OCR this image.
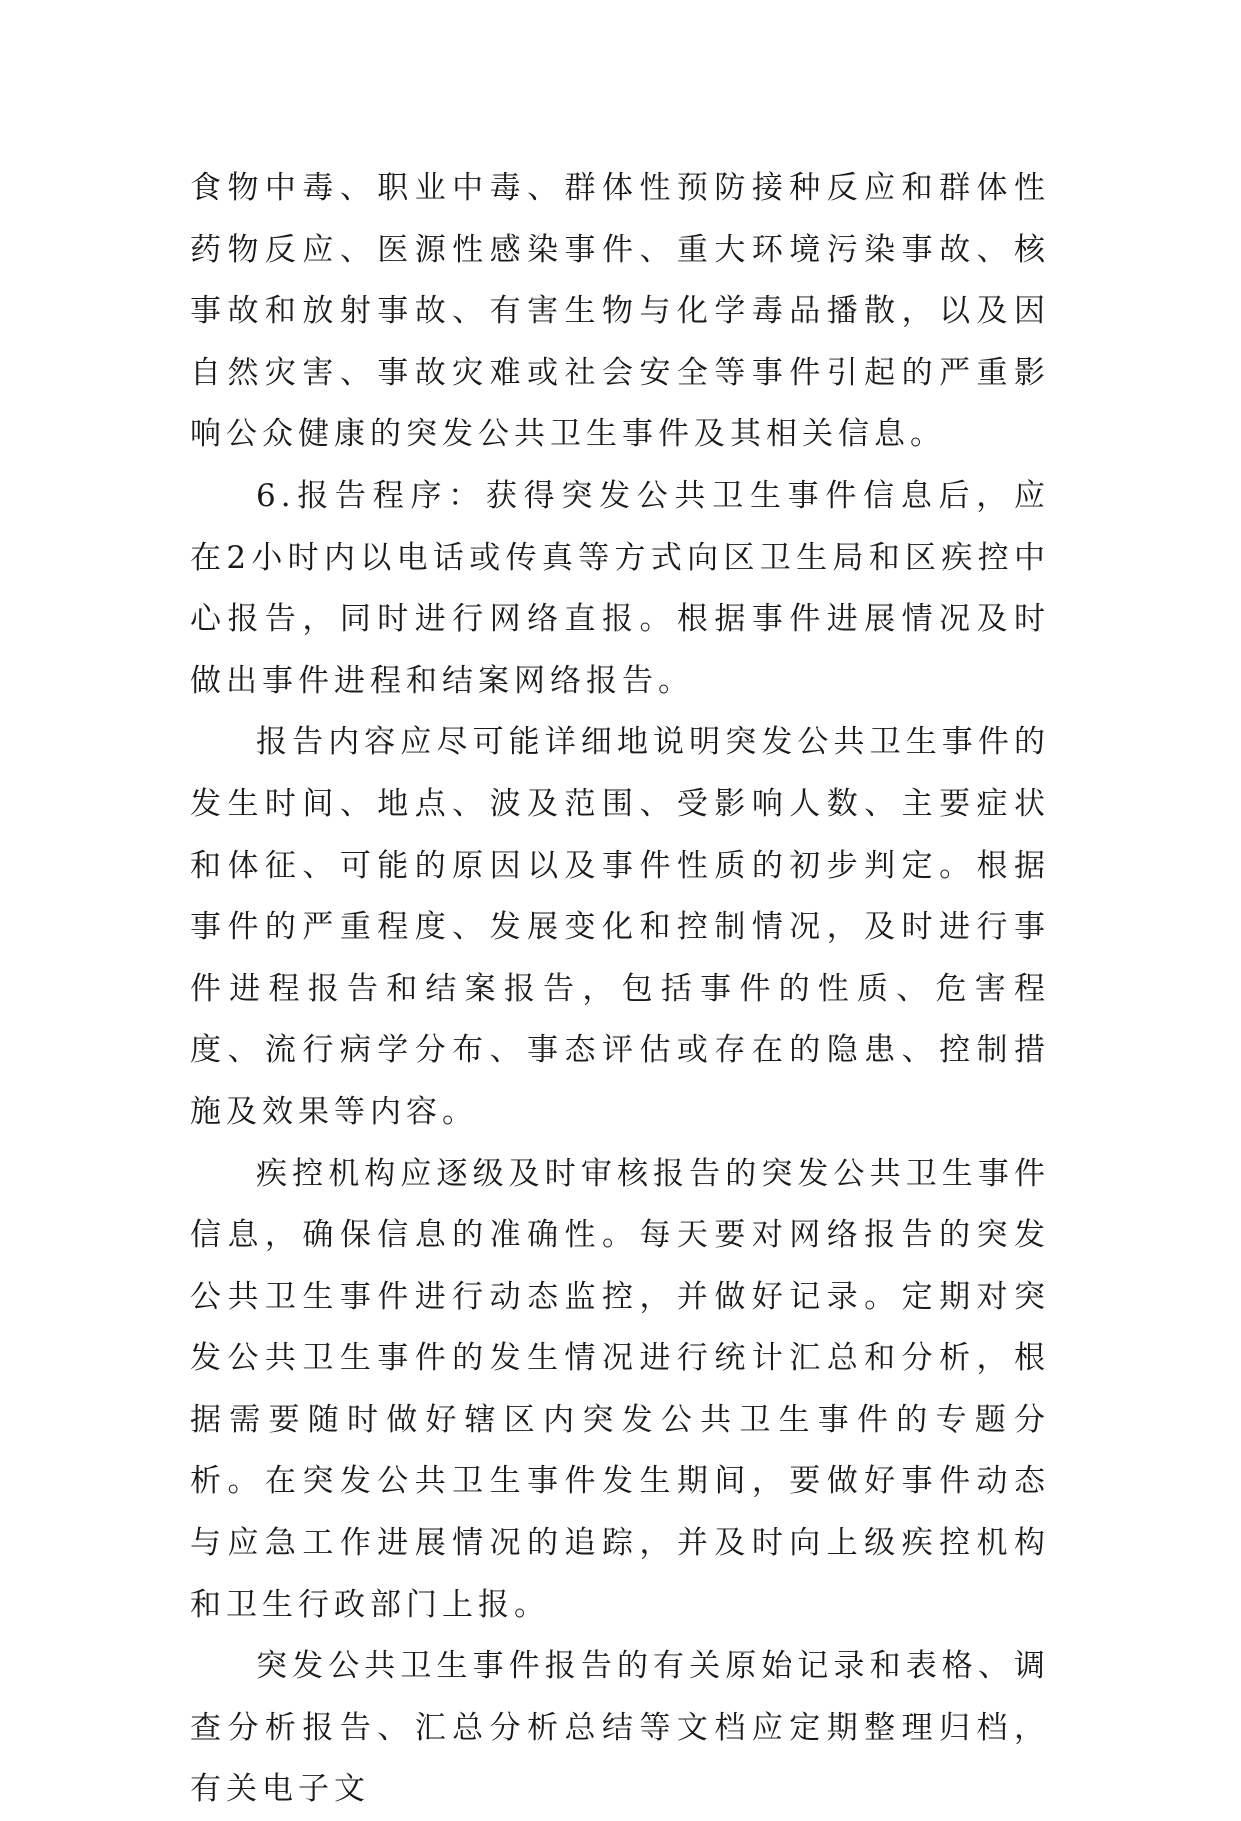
食物中毒、职业中毒、群体性预防接种反应和群体性药物反应、医源性感染事件、重大环境污染事故、核事故和放射事故、有害生物与化学毒品播散，以及因自然灾害、事故灾难或社会安全等事件引起的严重影响公众健康的突发公共卫生事件及其相关信息。

6.报告程序：获得突发公共卫生事件信息后，应在2小时内以电话或传真等方式向区卫生局和区疾控中心报告，同时进行网络直报。根据事件进展情况及时做出事件进程和结案网络报告。

报告内容应尽可能详细地说明突发公共卫生事件的发生时间、地点、波及范围、受影响人数、主要症状和体征、可能的原因以及事件性质的初步判定。根据事件的严重程度、发展变化和控制情况，及时进行事件进程报告和结案报告，包括事件的性质、危害程度、流行病学分布、事态评估或存在的隐患、控制措施及效果等内容。

疾控机构应逐级及时审核报告的突发公共卫生事件信息，确保信息的准确性。每天要对网络报告的突发公共卫生事件进行动态监控，并做好记录。定期对突发公共卫生事件的发生情况进行统计汇总和分析，根据需要随时做好辖区内突发公共卫生事件的专题分析。在突发公共卫生事件发生期间，要做好事件动态与应急工作进展情况的追踪，并及时向上级疾控机构和卫生行政部门上报。

突发公共卫生事件报告的有关原始记录和表格、调查分析报告、汇总分析总结等文档应定期整理归档，有关电子文
